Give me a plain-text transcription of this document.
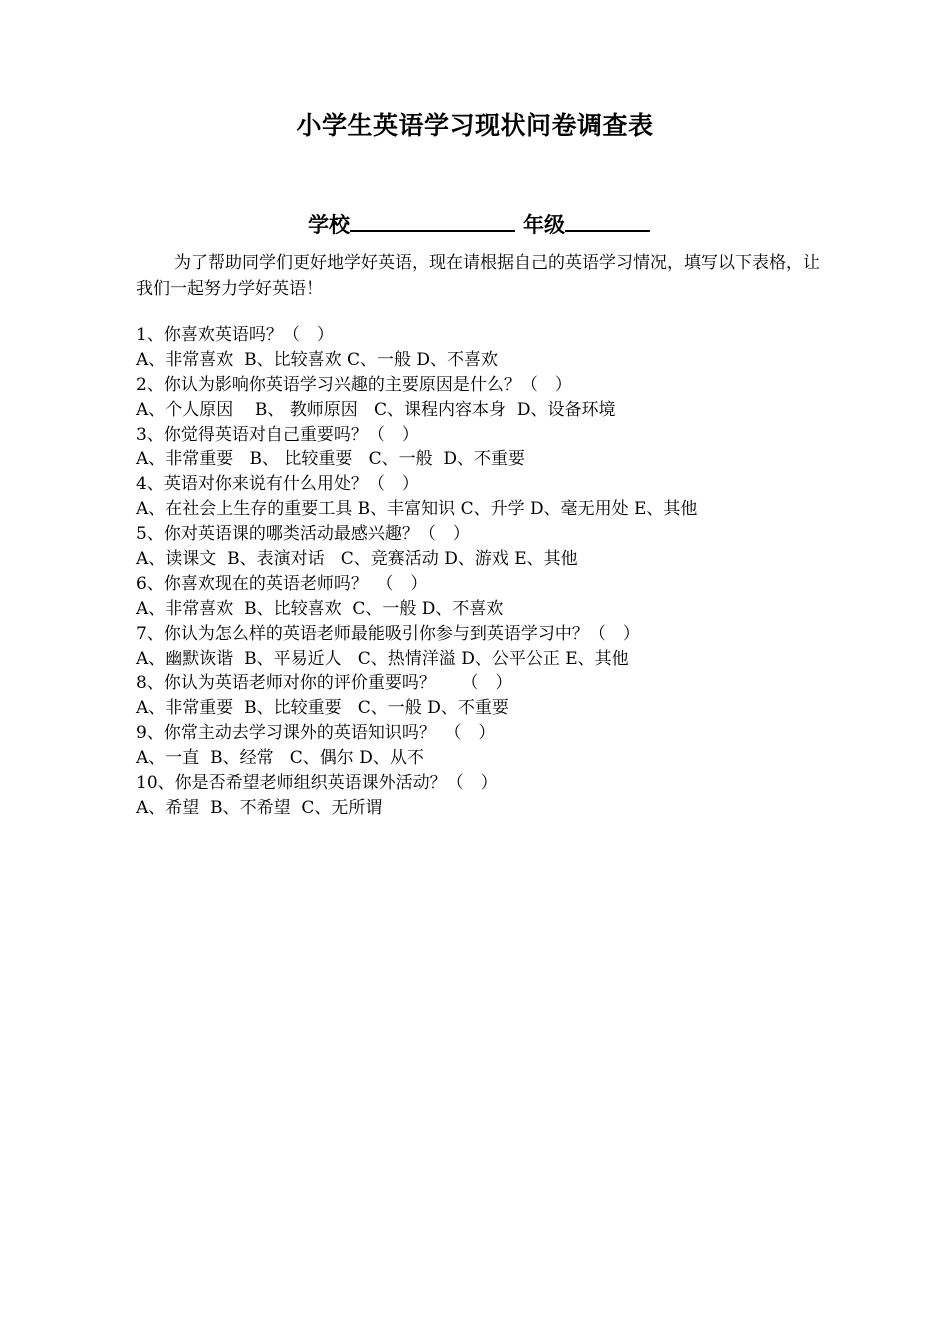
小学生英语学习现状问卷调查表
学校	年级
为了帮助同学们更好地学好英语，现在请根据自己的英语学习情况，填写以下表格，让我们一起努力学好英语！
1、你喜欢英语吗？（　）
A、非常喜欢  B、比较喜欢 C、一般 D、不喜欢
2、你认为影响你英语学习兴趣的主要原因是什么？（　）
A、个人原因    B、 教师原因   C、课程内容本身  D、设备环境
3、你觉得英语对自己重要吗？（　）
A、非常重要   B、 比较重要   C、一般  D、不重要
4、英语对你来说有什么用处？（　）
A、在社会上生存的重要工具 B、丰富知识 C、升学 D、毫无用处 E、其他
5、你对英语课的哪类活动最感兴趣？（　）
A、读课文  B、表演对话   C、竞赛活动 D、游戏 E、其他
6、你喜欢现在的英语老师吗？　（　）
A、非常喜欢  B、比较喜欢  C、一般 D、不喜欢
7、你认为怎么样的英语老师最能吸引你参与到英语学习中？（　）
A、幽默诙谐  B、平易近人   C、热情洋溢 D、公平公正 E、其他
8、你认为英语老师对你的评价重要吗？　　（　）
A、非常重要  B、比较重要   C、一般 D、不重要
9、你常主动去学习课外的英语知识吗？　（　）
A、一直  B、经常   C、偶尔 D、从不
10、你是否希望老师组织英语课外活动？（　）
A、希望  B、不希望  C、无所谓
